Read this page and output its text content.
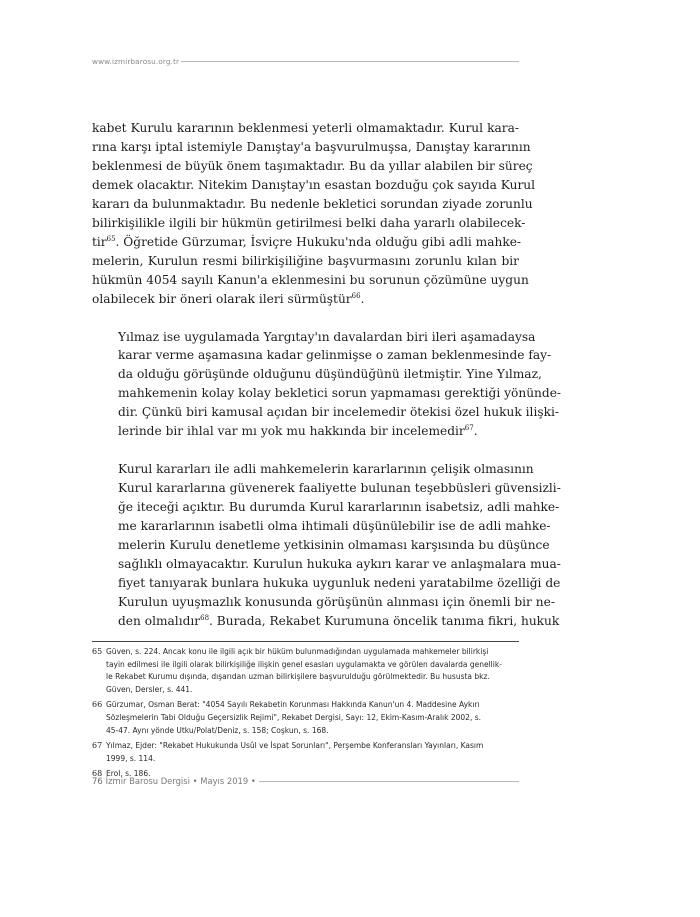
www.izmirbarosu.org.tr

kabet Kurulu kararının beklenmesi yeterli olmamaktadır. Kurul kara-
rına karşı iptal istemiyle Danıştay'a başvurulmuşsa, Danıştay kararının
beklenmesi de büyük önem taşımaktadır. Bu da yıllar alabilen bir süreç
demek olacaktır. Nitekim Danıştay'ın esastan bozduğu çok sayıda Kurul
kararı da bulunmaktadır. Bu nedenle bekletici sorundan ziyade zorunlu
bilirkişilikle ilgili bir hükmün getirilmesi belki daha yararlı olabilecek-
tir$^{65}$. Öğretide Gürzumar, İsviçre Hukuku'nda olduğu gibi adli mahke-
melerin, Kurulun resmi bilirkişiliğine başvurmasını zorunlu kılan bir
hükmün 4054 sayılı Kanun'a eklenmesini bu sorunun çözümüne uygun
olabilecek bir öneri olarak ileri sürmüştür$^{66}$.

Yılmaz ise uygulamada Yargıtay'ın davalardan biri ileri aşamadaysa
karar verme aşamasına kadar gelinmişse o zaman beklenmesinde fay-
da olduğu görüşünde olduğunu düşündüğünü iletmiştir. Yine Yılmaz,
mahkemenin kolay kolay bekletici sorun yapmaması gerektiği yönünde-
dir. Çünkü biri kamusal açıdan bir incelemedir ötekisi özel hukuk ilişki-
lerinde bir ihlal var mı yok mu hakkında bir incelemedir$^{67}$.

Kurul kararları ile adli mahkemelerin kararlarının çelişik olmasının
Kurul kararlarına güvenerek faaliyette bulunan teşebbüsleri güvensizli-
ğe iteceği açıktır. Bu durumda Kurul kararlarının isabetsiz, adli mahke-
me kararlarının isabetli olma ihtimali düşünülebilir ise de adli mahke-
melerin Kurulu denetleme yetkisinin olmaması karşısında bu düşünce
sağlıklı olmayacaktır. Kurulun hukuka aykırı karar ve anlaşmalara mua-
fiyet tanıyarak bunlara hukuka uygunluk nedeni yaratabilme özelliği de
Kurulun uyuşmazlık konusunda görüşünün alınması için önemli bir ne-
den olmalıdır$^{68}$. Burada, Rekabet Kurumuna öncelik tanıma fikri, hukuk

65 Güven, s. 224. Ancak konu ile ilgili açık bir hüküm bulunmadığından uygulamada mahkemeler bilirkişi
tayin edilmesi ile ilgili olarak bilirkişiliğe ilişkin genel esasları uygulamakta ve görülen davalarda genellik-
le Rekabet Kurumu dışında, dışarıdan uzman bilirkişilere başvurulduğu görülmektedir. Bu hususta bkz.
Güven, Dersler, s. 441.
66 Gürzumar, Osman Berat: "4054 Sayılı Rekabetin Korunması Hakkında Kanun'un 4. Maddesine Aykırı
Sözleşmelerin Tabi Olduğu Geçersizlik Rejimi", Rekabet Dergisi, Sayı: 12, Ekim-Kasım-Aralık 2002, s.
45-47. Aynı yönde Utku/Polat/Deniz, s. 158; Coşkun, s. 168.
67 Yılmaz, Ejder: "Rekabet Hukukunda Usûl ve İspat Sorunları", Perşembe Konferansları Yayınları, Kasım
1999, s. 114.
68 Erol, s. 186.
76 İzmir Barosu Dergisi • Mayıs 2019 •
